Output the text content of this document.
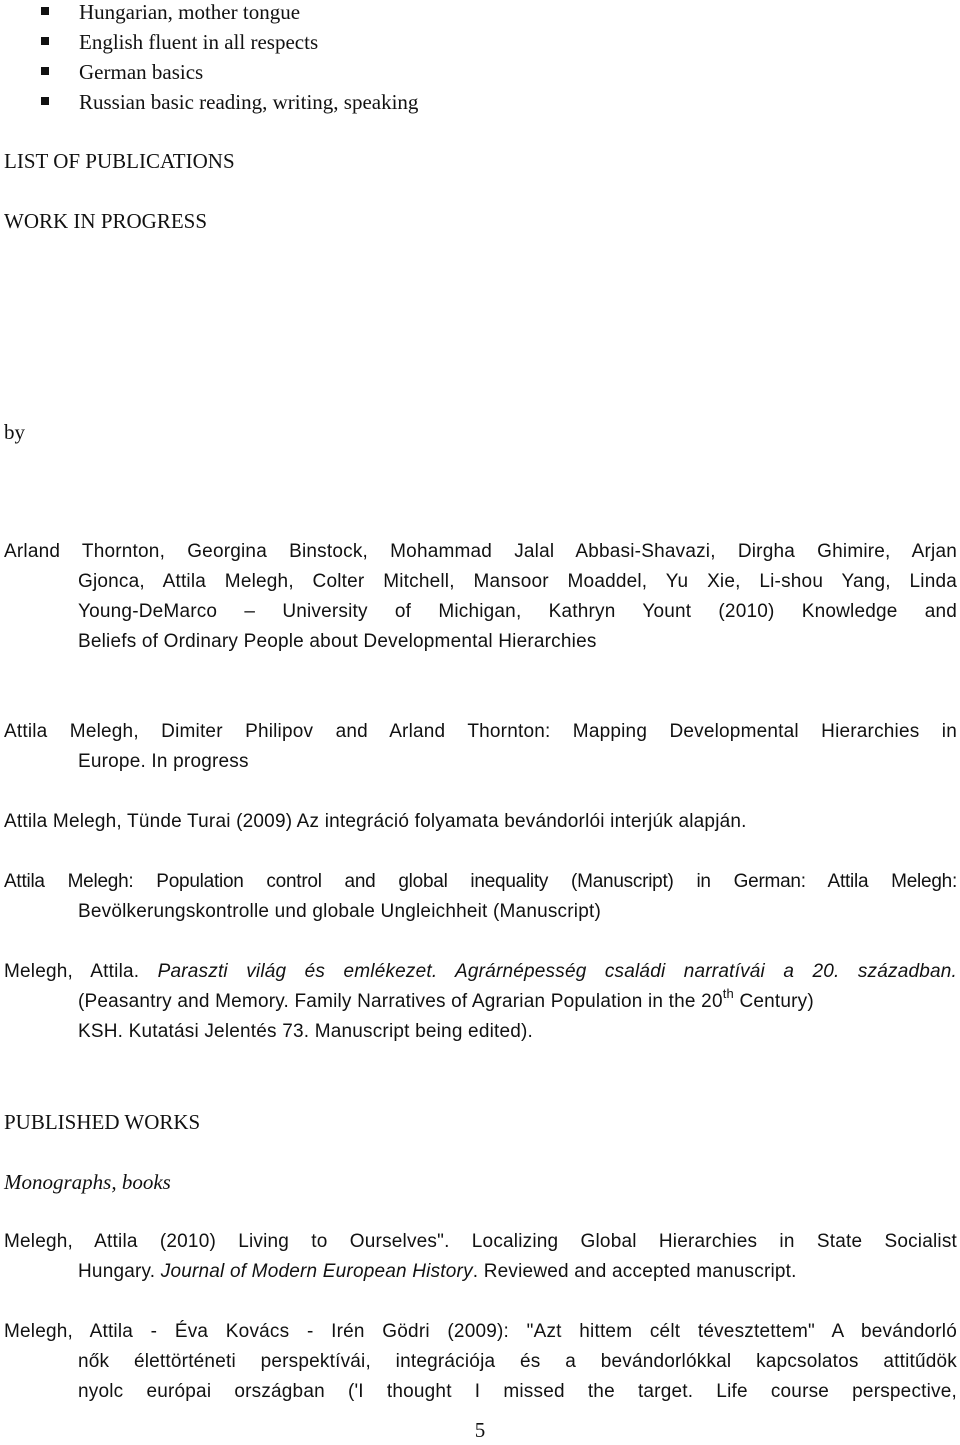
Hungarian, mother tongue
English fluent in all respects
German basics
Russian basic reading, writing, speaking

LIST OF PUBLICATIONS

WORK IN PROGRESS

by

Arland Thornton, Georgina Binstock, Mohammad Jalal Abbasi-Shavazi, Dirgha Ghimire, Arjan
Gjonca, Attila Melegh, Colter Mitchell, Mansoor Moaddel, Yu Xie, Li-shou Yang, Linda
Young-DeMarco – University of Michigan, Kathryn Yount (2010) Knowledge and
Beliefs of Ordinary People about Developmental Hierarchies
Attila Melegh, Dimiter Philipov and Arland Thornton: Mapping Developmental Hierarchies in
Europe. In progress
Attila Melegh, Tünde Turai (2009) Az integráció folyamata bevándorlói interjúk alapján.
Attila Melegh: Population control and global inequality (Manuscript) in German: Attila Melegh:
Bevölkerungskontrolle und globale Ungleichheit (Manuscript)
Melegh, Attila. Paraszti világ és emlékezet. Agrárnépesség családi narratívái a 20. században.
(Peasantry and Memory. Family Narratives of Agrarian Population in the 20th Century)
KSH. Kutatási Jelentés 73. Manuscript being edited).

PUBLISHED WORKS

Monographs, books

Melegh, Attila (2010) Living to Ourselves". Localizing Global Hierarchies in State Socialist
Hungary. Journal of Modern European History. Reviewed and accepted manuscript.
Melegh, Attila - Éva Kovács - Irén Gödri (2009): "Azt hittem célt tévesztettem" A bevándorló
nők élettörténeti perspektívái, integrációja és a bevándorlókkal kapcsolatos attitűdök
nyolc európai országban ('I thought I missed the target. Life course perspective,
5
